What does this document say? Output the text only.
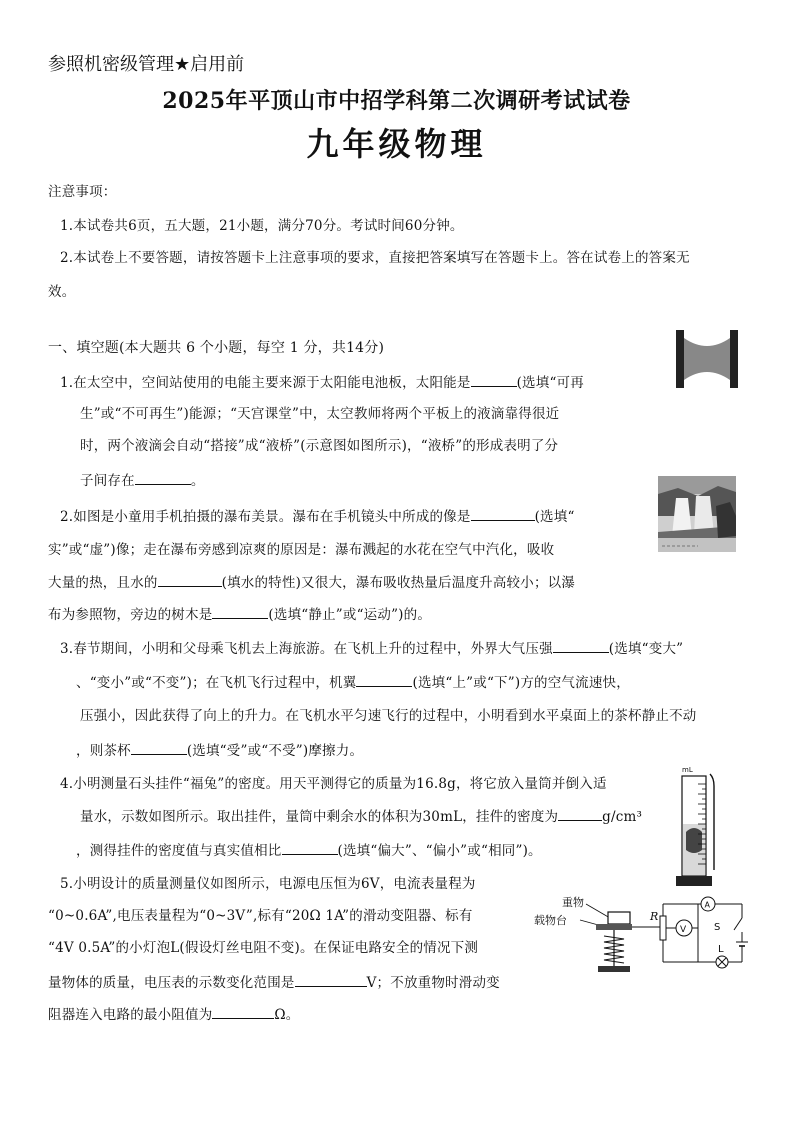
参照机密级管理★启用前
2025年平顶山市中招学科第二次调研考试试卷
九年级物理
注意事项：
1.本试卷共6页，五大题，21小题，满分70分。考试时间60分钟。
2.本试卷上不要答题，请按答题卡上注意事项的要求，直接把答案填写在答题卡上。答在试卷上的答案无
效。
一、填空题(本大题共 6 个小题，每空 1 分，共14分)
1.在太空中，空间站使用的电能主要来源于太阳能电池板，太阳能是	(选填“可再
生”或“不可再生”)能源；“天宫课堂”中，太空教师将两个平板上的液滴靠得很近
时，两个液滴会自动“搭接”成“液桥”(示意图如图所示)，“液桥”的形成表明了分
子间存在	。
2.如图是小童用手机拍摄的瀑布美景。瀑布在手机镜头中所成的像是	(选填“
实”或“虚”)像；走在瀑布旁感到凉爽的原因是：瀑布溅起的水花在空气中汽化，吸收
大量的热，且水的	(填水的特性)又很大，瀑布吸收热量后温度升高较小；以瀑
布为参照物，旁边的树木是	(选填“静止”或“运动”)的。
3.春节期间，小明和父母乘飞机去上海旅游。在飞机上升的过程中，外界大气压强	(选填“变大”
、“变小”或“不变”)；在飞机飞行过程中，机翼	(选填“上”或“下”)方的空气流速快，
压强小，因此获得了向上的升力。在飞机水平匀速飞行的过程中，小明看到水平桌面上的茶杯静止不动
，则茶杯	(选填“受”或“不受”)摩擦力。
4.小明测量石头挂件“福兔”的密度。用天平测得它的质量为16.8g，将它放入量筒并倒入适
量水，示数如图所示。取出挂件，量筒中剩余水的体积为30mL，挂件的密度为	g/cm³
，测得挂件的密度值与真实值相比	(选填“偏大”、“偏小”或“相同”)。
mL
5.小明设计的质量测量仪如图所示，电源电压恒为6V，电流表量程为
“0~0.6A”,电压表量程为“0~3V”,标有“20Ω 1A”的滑动变阻器、标有
“4V 0.5A”的小灯泡L(假设灯丝电阻不变)。在保证电路安全的情况下测
量物体的质量，电压表的示数变化范围是	V；不放重物时滑动变
阻器连入电路的最小阻值为	Ω。
重物
载物台	R
V
A
S
L
